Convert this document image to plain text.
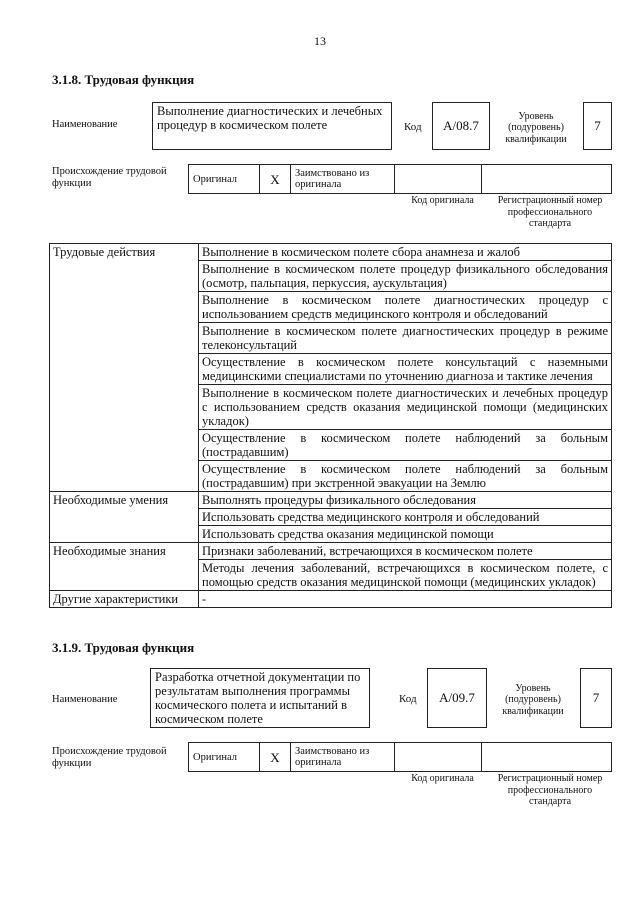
13
3.1.8. Трудовая функция
Наименование
Выполнение диагностических и лечебных процедур в космическом полете	Код	A/08.7
Уровень (подуровень) квалификации
7
Происхождение трудовой функции	Оригинал	X	Заимствовано из оригинала		
Код оригинала	Регистрационный номер профессионального стандарта
Трудовые действия	Выполнение в космическом полете сбора анамнеза и жалоб
	Выполнение в космическом полете процедур физикального обследования (осмотр, пальпация, перкуссия, аускультация)
	Выполнение в космическом полете диагностических процедур с использованием средств медицинского контроля и обследований
	Выполнение в космическом полете диагностических процедур в режиме телеконсультаций
	Осуществление в космическом полете консультаций с наземными медицинскими специалистами по уточнению диагноза и тактике лечения
	Выполнение в космическом полете диагностических и лечебных процедур с использованием средств оказания медицинской помощи (медицинских укладок)
	Осуществление в космическом полете наблюдений за больным (пострадавшим)
	Осуществление в космическом полете наблюдений за больным (пострадавшим) при экстренной эвакуации на Землю
Необходимые умения	Выполнять процедуры физикального обследования
	Использовать средства медицинского контроля и обследований
	Использовать средства оказания медицинской помощи
Необходимые знания	Признаки заболеваний, встречающихся в космическом полете
	Методы лечения заболеваний, встречающихся в космическом полете, с помощью средств оказания медицинской помощи (медицинских укладок)
Другие характеристики	-
3.1.9. Трудовая функция
Наименование
Разработка отчетной документации по результатам выполнения программы космического полета и испытаний в космическом полете
Код	A/09.7
Уровень (подуровень) квалификации
7
Происхождение трудовой функции
Оригинал	X	Заимствовано из оригинала		
Код оригинала	Регистрационный номер профессионального стандарта
